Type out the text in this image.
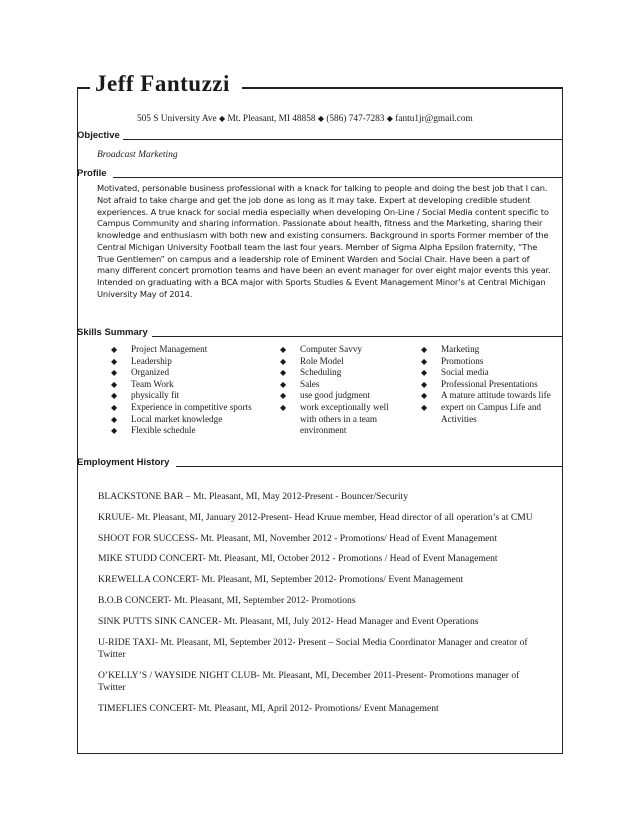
Jeff Fantuzzi
505 S University Ave ◆ Mt. Pleasant, MI 48858 ◆ (586) 747-7283 ◆ fantu1jr@gmail.com
Objective
Broadcast Marketing
Profile
Motivated, personable business professional with a knack for talking to people and doing the best job that I can. Not afraid to take charge and get the job done as long as it may take. Expert at developing credible student experiences. A true knack for social media especially when developing On-Line / Social Media content specific to Campus Community and sharing information. Passionate about health, fitness and the Marketing, sharing their knowledge and enthusiasm with both new and existing consumers. Background in sports Former member of the Central Michigan University Football team the last four years. Member of Sigma Alpha Epsilon fraternity, “The True Gentlemen” on campus and a leadership role of Eminent Warden and Social Chair. Have been a part of many different concert promotion teams and have been an event manager for over eight major events this year. Intended on graduating with a BCA major with Sports Studies & Event Management Minor’s at Central Michigan University May of 2014.
Skills Summary
◆ Project Management
◆ Leadership
◆ Organized
◆ Team Work
◆ physically fit
◆ Experience in competitive sports
◆ Local market knowledge
◆ Flexible schedule
◆ Computer Savvy
◆ Role Model
◆ Scheduling
◆ Sales
◆ use good judgment
◆ work exceptionally well with others in a team environment
◆ Marketing
◆ Promotions
◆ Social media
◆ Professional Presentations
◆ A mature attitude towards life
◆ expert on Campus Life and Activities
Employment History
BLACKSTONE BAR – Mt. Pleasant, MI, May 2012-Present - Bouncer/Security
KRUUE- Mt. Pleasant, MI, January 2012-Present- Head Kruue member, Head director of all operation’s at CMU
SHOOT FOR SUCCESS- Mt. Pleasant, MI, November 2012 - Promotions/ Head of Event Management
MIKE STUDD CONCERT- Mt. Pleasant, MI, October 2012 - Promotions / Head of Event Management
KREWELLA CONCERT- Mt. Pleasant, MI, September 2012- Promotions/ Event Management
B.O.B CONCERT- Mt. Pleasant, MI, September 2012- Promotions
SINK PUTTS SINK CANCER- Mt. Pleasant, MI, July 2012- Head Manager and Event Operations
U-RIDE TAXI- Mt. Pleasant, MI, September 2012- Present – Social Media Coordinator Manager and creator of Twitter
O’KELLY’S / WAYSIDE NIGHT CLUB- Mt. Pleasant, MI, December 2011-Present- Promotions manager of Twitter
TIMEFLIES CONCERT- Mt. Pleasant, MI, April 2012- Promotions/ Event Management
